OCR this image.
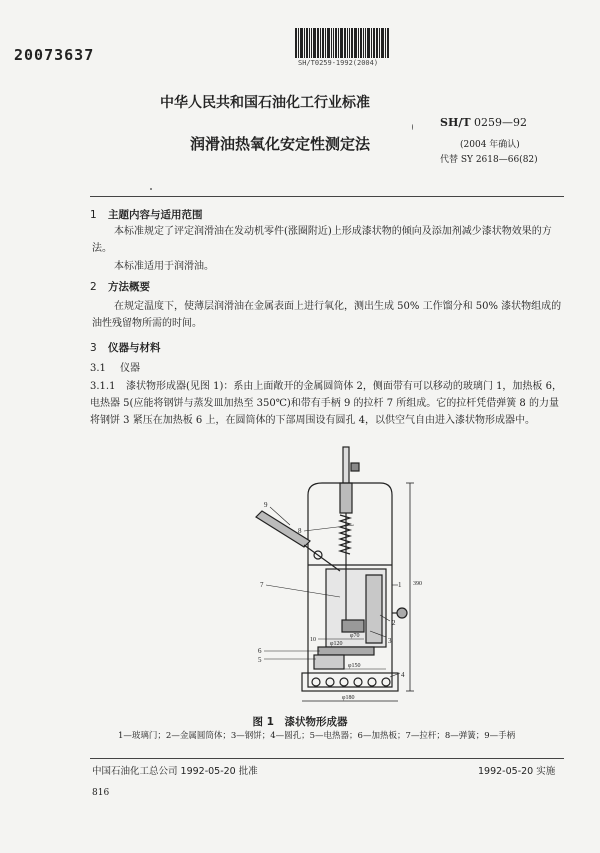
20073637	SH/T0259-1992(2004)
中华人民共和国石油化工行业标准
SH/T 0259—92
(2004 年确认)
代替 SY 2618—66(82)
润滑油热氧化安定性测定法
1 主题内容与适用范围
本标准规定了评定润滑油在发动机零件(涨圈附近)上形成漆状物的倾向及添加剂减少漆状物效果的方法。
本标准适用于润滑油。
2 方法概要
在规定温度下，使薄层润滑油在金属表面上进行氧化，测出生成 50% 工作馏分和 50% 漆状物组成的油性残留物所需的时间。
3 仪器与材料
3.1 仪器
3.1.1 漆状物形成器(见图 1)：系由上面敞开的金属圆筒体 2，侧面带有可以移动的玻璃门 1，加热板 6，电热器 5(应能将钢饼与蒸发皿加热至 350℃)和带有手柄 9 的拉杆 7 所组成。它的拉杆凭借弹簧 8 的力量将钢饼 3 紧压在加热板 6 上，在圆筒体的下部周围设有圆孔 4，以供空气自由进入漆状物形成器中。
1
2
3
4
5
6
7
8
9
φ70
φ120
φ150
φ180
390
10
图 1　漆状物形成器
1—玻璃门；2—金属圆筒体；3—钢饼；4—圆孔；5—电热器；6—加热板；7—拉杆；8—弹簧；9—手柄
中国石油化工总公司 1992-05-20 批准	1992-05-20 实施
816
